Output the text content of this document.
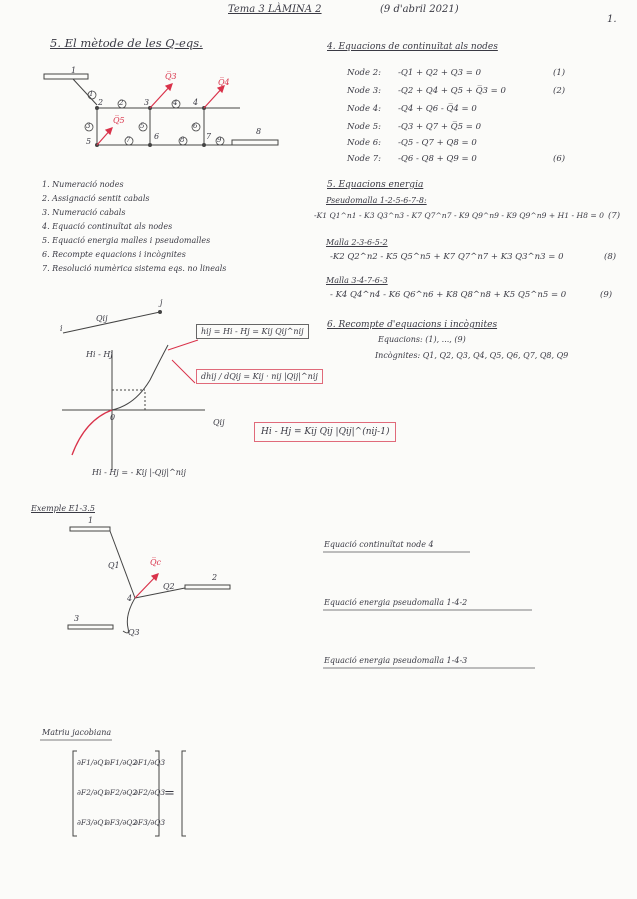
Tema 3 LÀMINA 2	(9 d'abril 2021)
1.
5. El mètode de les Q-eqs.
1
2	3	4
5
6	7
8
1
2	4
3	5	6
7	8	9
Q̅3
Q̅4
Q̅5
1. Numeració nodes
2. Assignació sentit cabals
3. Numeració cabals
4. Equació continuïtat als nodes
5. Equació energia malles i pseudomalles
6. Recompte equacions i incògnites
7. Resolució numèrica sistema eqs. no lineals
j
i
Qij
Hi - Hj
Qij
0
hij = Hi - Hj = Kij Qij^nij
dhij / dQij = Kij · nij |Qij|^nij
Hi - Hj = Kij Qij |Qij|^(nij-1)
Hi - Hj = - Kij |-Qij|^nij
Exemple E1-3.5
1
2
3
4
Q1
Q2
Q3
Q̅c
4. Equacions de continuïtat als nodes
Node 2: -Q1 + Q2 + Q3 = 0	(1)
Node 3: -Q2 + Q4 + Q5 + Q̅3 = 0	(2)
Node 4: -Q4 + Q6 - Q̅4 = 0
Node 5: -Q3 + Q7 + Q̅5 = 0
Node 6: -Q5 - Q7 + Q8 = 0
Node 7: -Q6 - Q8 + Q9 = 0	(6)
5. Equacions energia
Pseudomalla 1-2-5-6-7-8:
-K1 Q1^n1 - K3 Q3^n3 - K7 Q7^n7 - K9 Q9^n9 - K9 Q9^n9 + H1 - H8 = 0 (7)
Malla 2-3-6-5-2
-K2 Q2^n2 - K5 Q5^n5 + K7 Q7^n7 + K3 Q3^n3 = 0	(8)
Malla 3-4-7-6-3
- K4 Q4^n4 - K6 Q6^n6 + K8 Q8^n8 + K5 Q5^n5 = 0	(9)
6. Recompte d'equacions i incògnites
Equacions: (1), ..., (9)
Incògnites: Q1, Q2, Q3, Q4, Q5, Q6, Q7, Q8, Q9
Equació continuïtat node 4
Equació energia pseudomalla 1-4-2
Equació energia pseudomalla 1-4-3
Matriu jacobiana
∂F1/∂Q1
∂F1/∂Q2
∂F1/∂Q3
∂F2/∂Q1
∂F2/∂Q2
∂F2/∂Q3
∂F3/∂Q1
∂F3/∂Q2
∂F3/∂Q3
=
